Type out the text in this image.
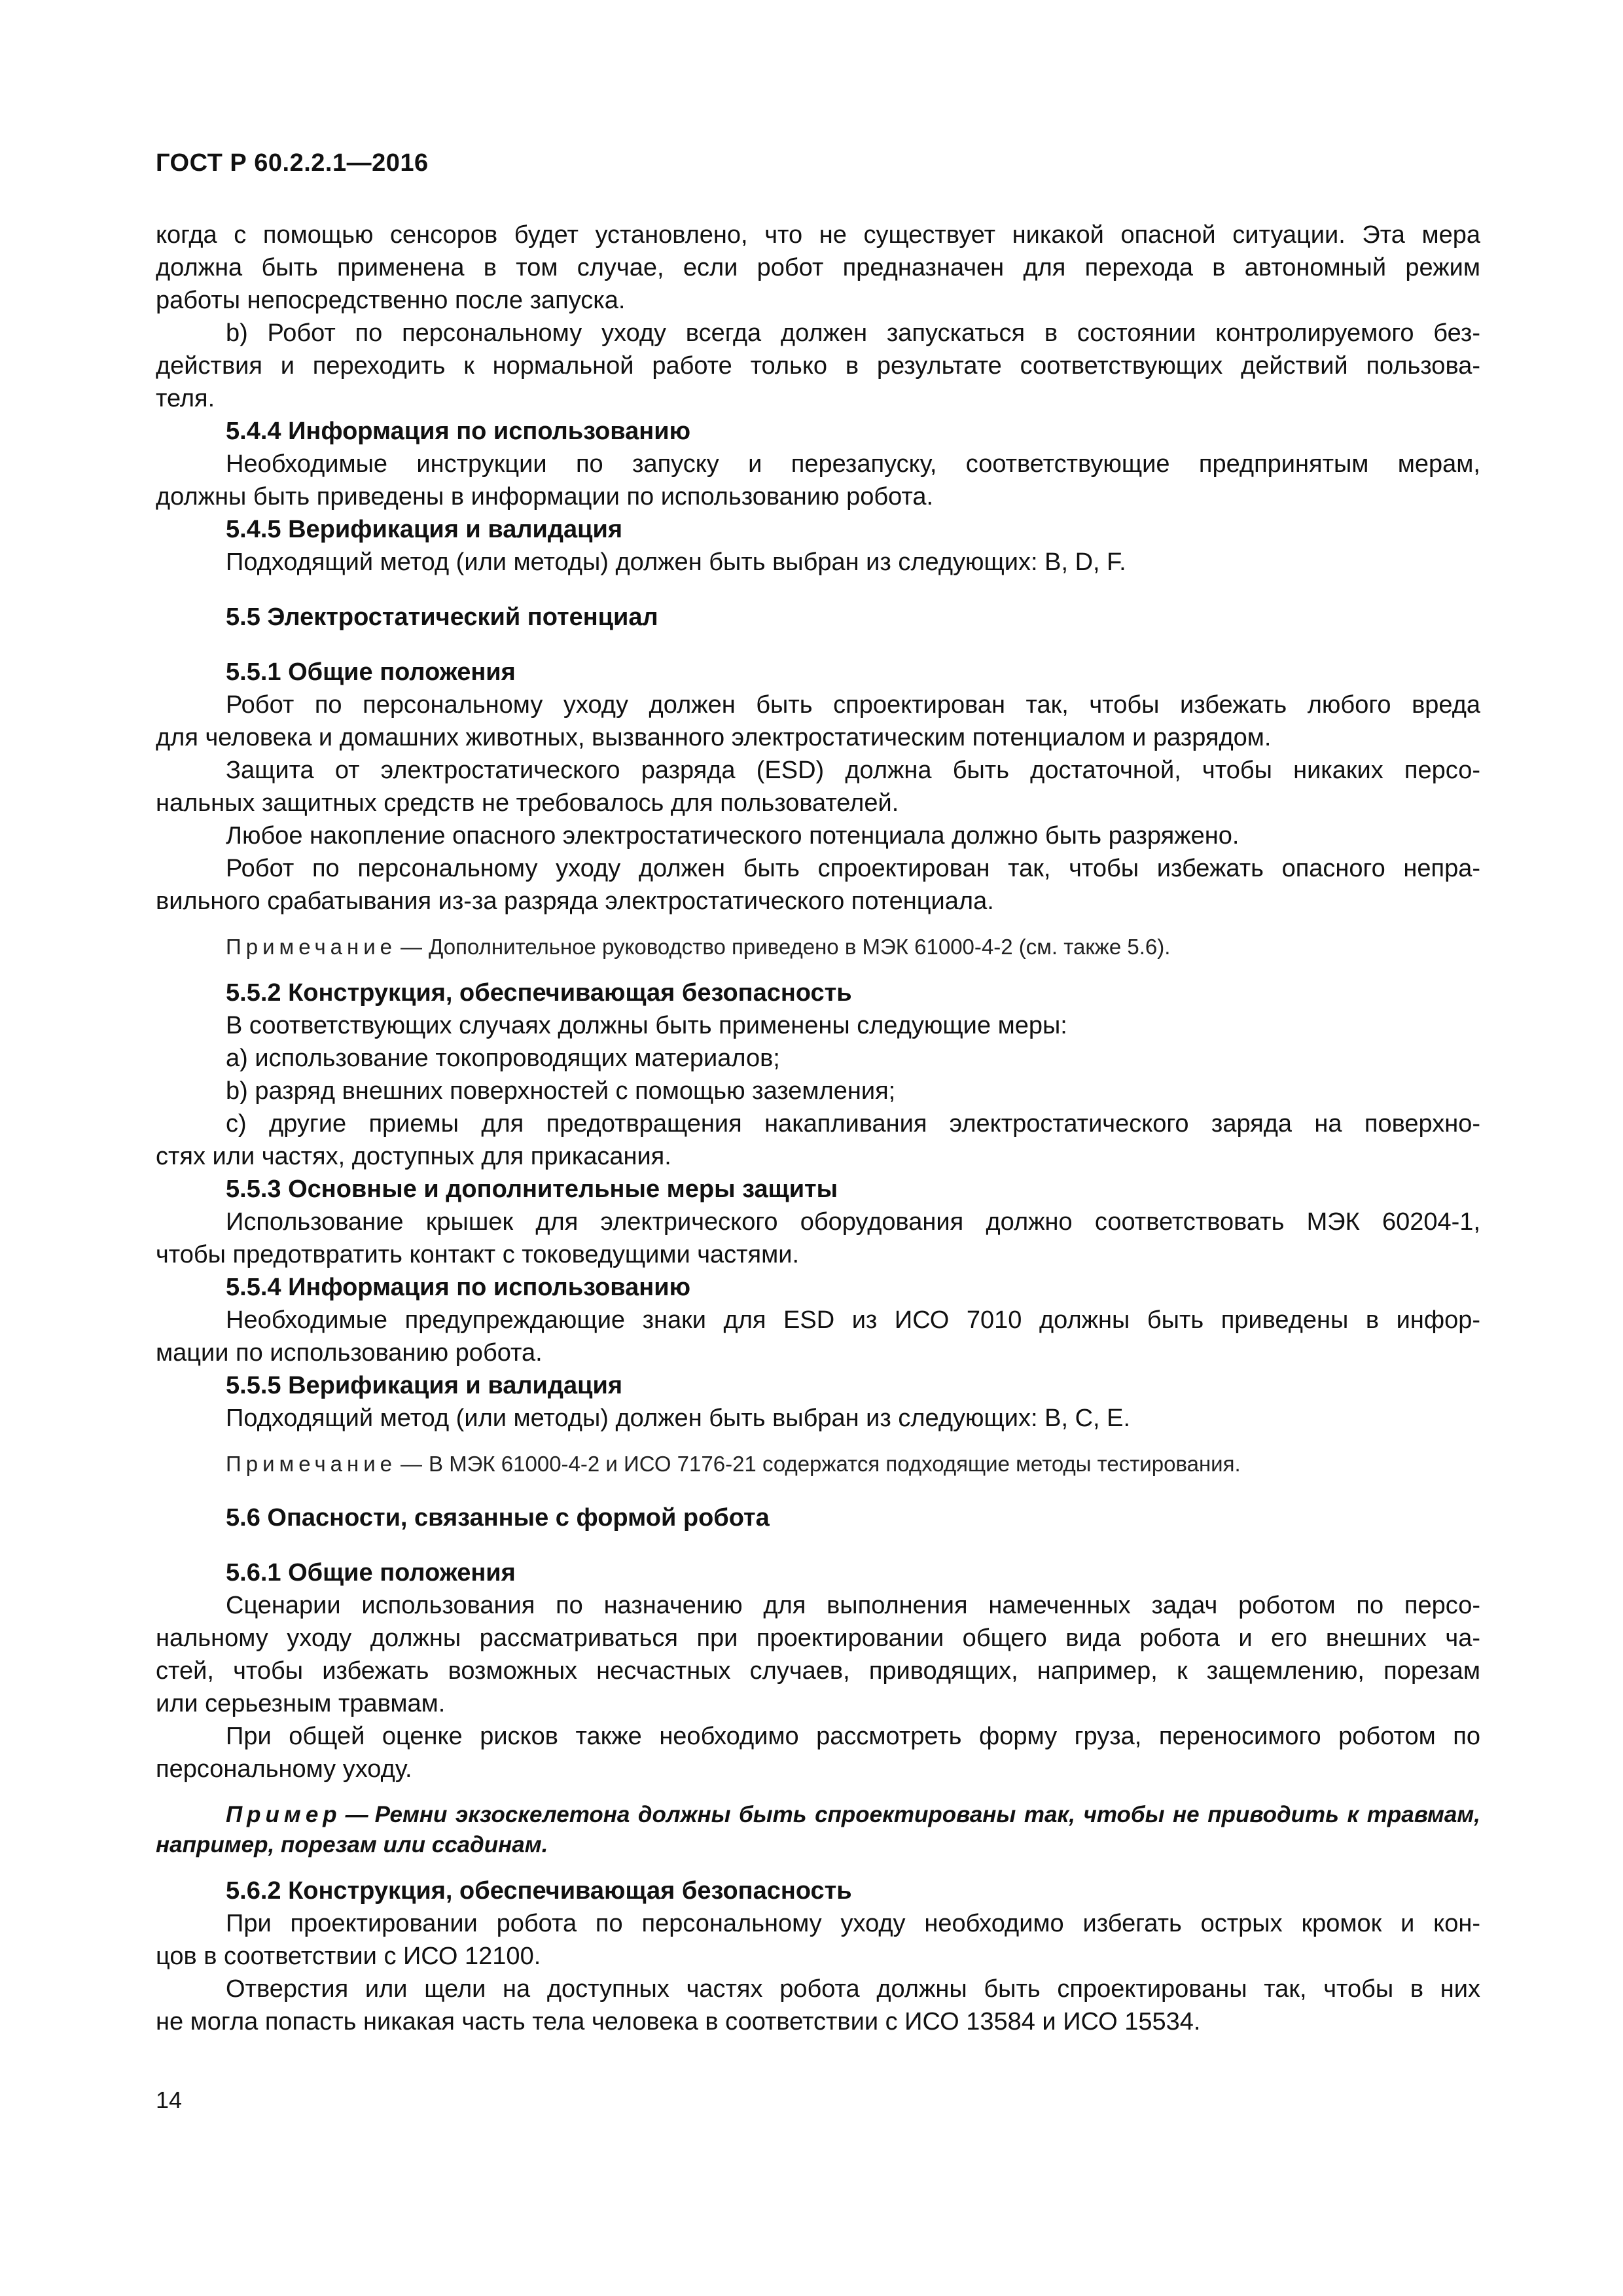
ГОСТ Р 60.2.2.1—2016

когда с помощью сенсоров будет установлено, что не существует никакой опасной ситуации. Эта мера

должна быть применена в том случае, если робот предназначен для перехода в автономный режим

работы непосредственно после запуска.

b) Робот по персональному уходу всегда должен запускаться в состоянии контролируемого без-

действия и переходить к нормальной работе только в результате соответствующих действий пользова-

теля.

5.4.4 Информация по использованию

Необходимые инструкции по запуску и перезапуску, соответствующие предпринятым мерам,

должны быть приведены в информации по использованию робота.

5.4.5 Верификация и валидация

Подходящий метод (или методы) должен быть выбран из следующих: B, D, F.

5.5 Электростатический потенциал
5.5.1 Общие положения

Робот по персональному уходу должен быть спроектирован так, чтобы избежать любого вреда

для человека и домашних животных, вызванного электростатическим потенциалом и разрядом.

Защита от электростатического разряда (ESD) должна быть достаточной, чтобы никаких персо-

нальных защитных средств не требовалось для пользователей.

Любое накопление опасного электростатического потенциала должно быть разряжено.

Робот по персональному уходу должен быть спроектирован так, чтобы избежать опасного непра-

вильного срабатывания из-за разряда электростатического потенциала.

Примечание — Дополнительное руководство приведено в МЭК 61000-4-2 (см. также 5.6).

5.5.2 Конструкция, обеспечивающая безопасность

В соответствующих случаях должны быть применены следующие меры:

a) использование токопроводящих материалов;

b) разряд внешних поверхностей с помощью заземления;

c) другие приемы для предотвращения накапливания электростатического заряда на поверхно-

стях или частях, доступных для прикасания.

5.5.3 Основные и дополнительные меры защиты

Использование крышек для электрического оборудования должно соответствовать МЭК 60204-1,

чтобы предотвратить контакт с токоведущими частями.

5.5.4 Информация по использованию

Необходимые предупреждающие знаки для ESD из ИСО 7010 должны быть приведены в инфор-

мации по использованию робота.

5.5.5 Верификация и валидация

Подходящий метод (или методы) должен быть выбран из следующих: B, C, E.

Примечание — В МЭК 61000-4-2 и ИСО 7176-21 содержатся подходящие методы тестирования.

5.6 Опасности, связанные с формой робота
5.6.1 Общие положения

Сценарии использования по назначению для выполнения намеченных задач роботом по персо-

нальному уходу должны рассматриваться при проектировании общего вида робота и его внешних ча-

стей, чтобы избежать возможных несчастных случаев, приводящих, например, к защемлению, порезам

или серьезным травмам.

При общей оценке рисков также необходимо рассмотреть форму груза, переносимого роботом по

персональному уходу.

Пример — Ремни экзоскелетона должны быть спроектированы так, чтобы не приводить к травмам, например, порезам или ссадинам.

5.6.2 Конструкция, обеспечивающая безопасность

При проектировании робота по персональному уходу необходимо избегать острых кромок и кон-

цов в соответствии с ИСО 12100.

Отверстия или щели на доступных частях робота должны быть спроектированы так, чтобы в них

не могла попасть никакая часть тела человека в соответствии с ИСО 13584 и ИСО 15534.

14
